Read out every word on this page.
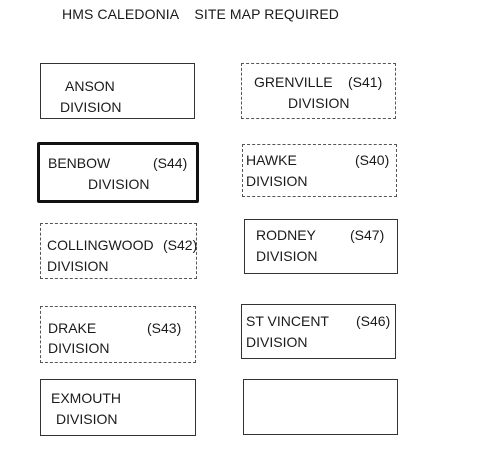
HMS CALEDONIA    SITE MAP REQUIRED
ANSON
DIVISION
BENBOW	(S44)
DIVISION
COLLINGWOOD (S42)
DIVISION
DRAKE	(S43)
DIVISION
EXMOUTH
DIVISION
GRENVILLE (S41)
DIVISION
HAWKE	(S40)
DIVISION
RODNEY (S47)
DIVISION
ST VINCENT (S46)
DIVISION
